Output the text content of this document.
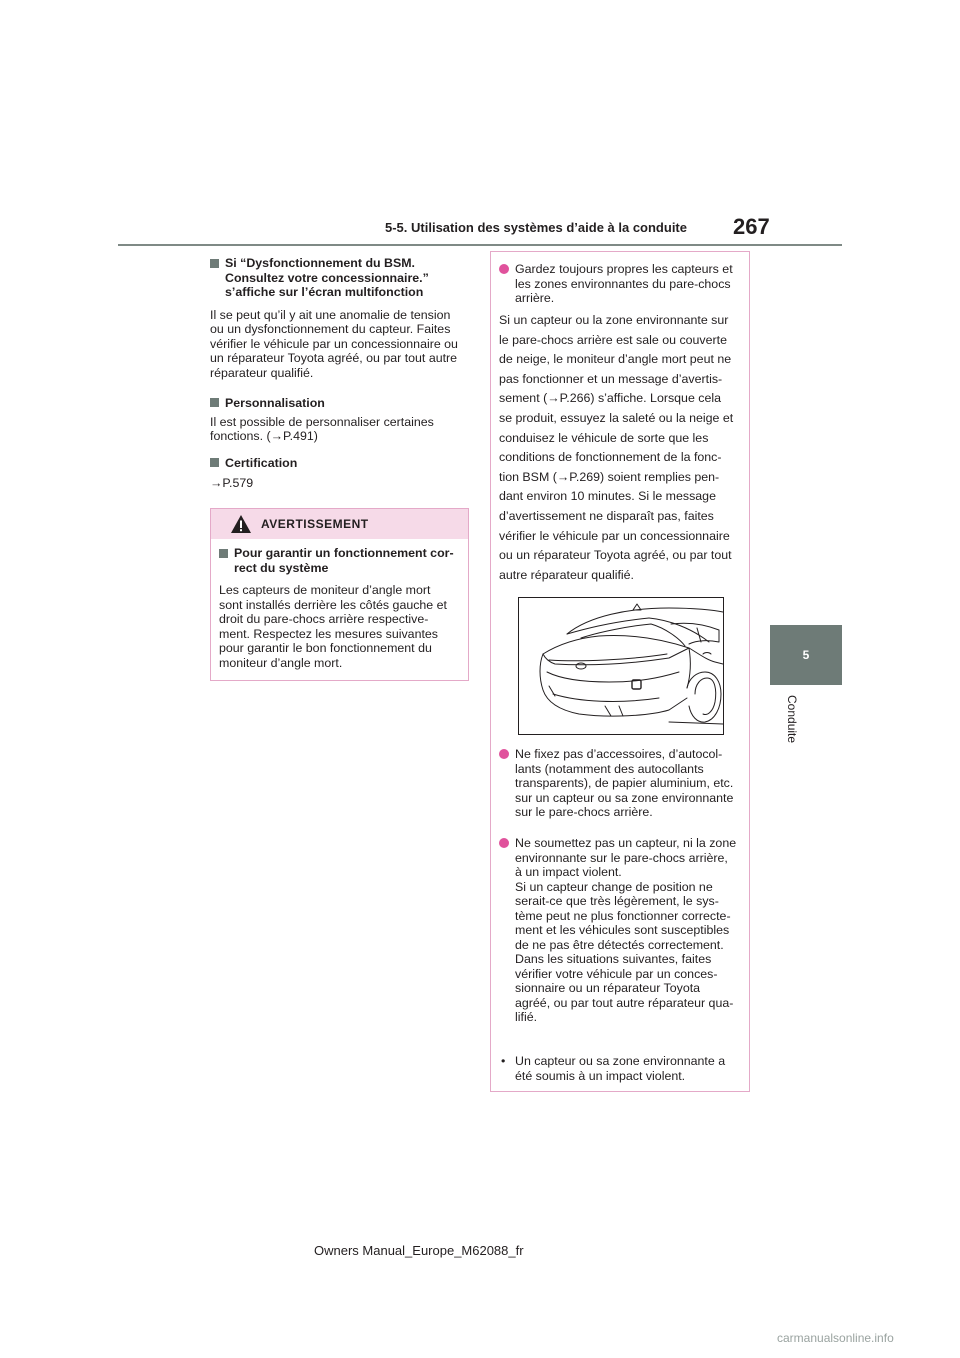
5-5. Utilisation des systèmes d’aide à la conduite 267
5
Conduite
Si “Dysfonctionnement du BSM. Consultez votre concessionnaire.” s’affiche sur l’écran multifonction

Il se peut qu’il y ait une anomalie de tension

ou un dysfonctionnement du capteur. Faites

vérifier le véhicule par un concessionnaire ou

un réparateur Toyota agréé, ou par tout autre

réparateur qualifié.

Personnalisation

Il est possible de personnaliser certaines

fonctions. (→P.491)

Certification

→P.579

AVERTISSEMENT
Pour garantir un fonctionnement cor-
rect du système
Les capteurs de moniteur d’angle mort
sont installés derrière les côtés gauche et
droit du pare-chocs arrière respective-
ment. Respectez les mesures suivantes
pour garantir le bon fonctionnement du
moniteur d’angle mort.
Gardez toujours propres les capteurs et
les zones environnantes du pare-chocs
arrière.
Si un capteur ou la zone environnante sur
le pare-chocs arrière est sale ou couverte
de neige, le moniteur d’angle mort peut ne
pas fonctionner et un message d’avertis-
sement (→P.266) s’affiche. Lorsque cela
se produit, essuyez la saleté ou la neige et
conduisez le véhicule de sorte que les
conditions de fonctionnement de la fonc-
tion BSM (→P.269) soient remplies pen-
dant environ 10 minutes. Si le message
d’avertissement ne disparaît pas, faites
vérifier le véhicule par un concessionnaire
ou un réparateur Toyota agréé, ou par tout
autre réparateur qualifié.
Ne fixez pas d’accessoires, d’autocol-
lants (notamment des autocollants
transparents), de papier aluminium, etc.
sur un capteur ou sa zone environnante
sur le pare-chocs arrière.
Ne soumettez pas un capteur, ni la zone
environnante sur le pare-chocs arrière,
à un impact violent.
Si un capteur change de position ne
serait-ce que très légèrement, le sys-
tème peut ne plus fonctionner correcte-
ment et les véhicules sont susceptibles
de ne pas être détectés correctement.
Dans les situations suivantes, faites
vérifier votre véhicule par un conces-
sionnaire ou un réparateur Toyota
agréé, ou par tout autre réparateur qua-
lifié.
• Un capteur ou sa zone environnante a
été soumis à un impact violent.
Owners Manual_Europe_M62088_fr
carmanualsonline.info
